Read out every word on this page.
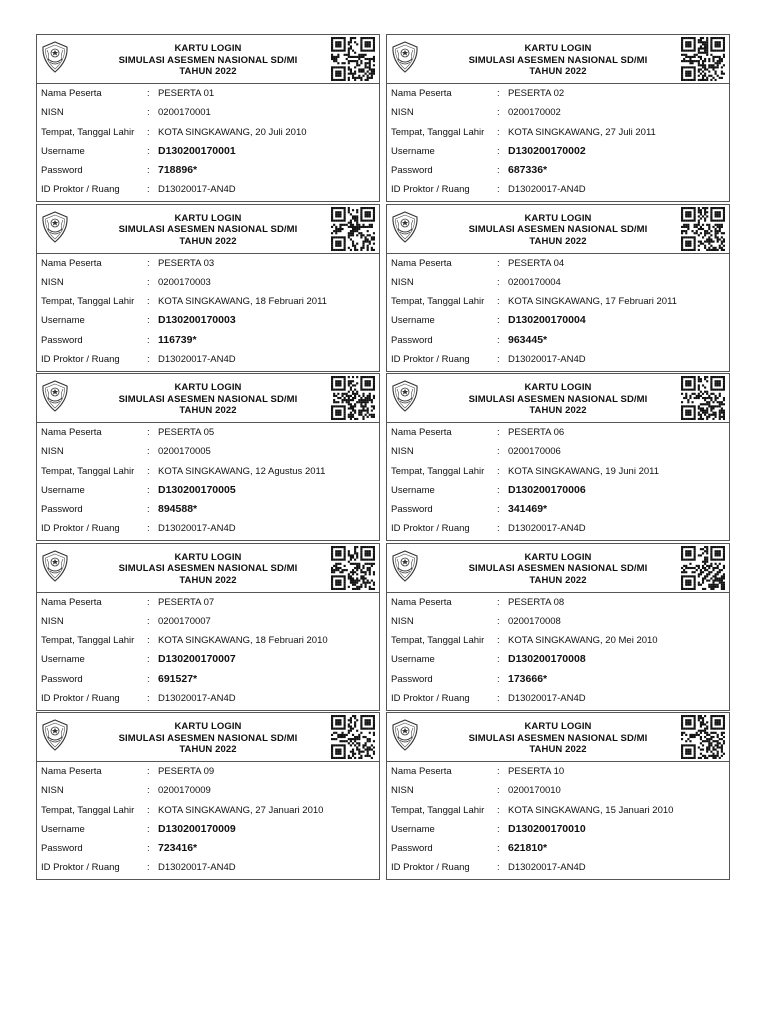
KARTU LOGIN
SIMULASI ASESMEN NASIONAL SD/MI
TAHUN 2022
Nama Peserta	: PESERTA 01
NISN	: 0200170001
Tempat, Tanggal Lahir : KOTA SINGKAWANG, 20 Juli 2010
Username	: D130200170001
Password	: 718896*
ID Proktor / Ruang	: D13020017-AN4D
KARTU LOGIN
SIMULASI ASESMEN NASIONAL SD/MI
TAHUN 2022
Nama Peserta	: PESERTA 02
NISN	: 0200170002
Tempat, Tanggal Lahir : KOTA SINGKAWANG, 27 Juli 2011
Username	: D130200170002
Password	: 687336*
ID Proktor / Ruang	: D13020017-AN4D
KARTU LOGIN
SIMULASI ASESMEN NASIONAL SD/MI
TAHUN 2022
Nama Peserta	: PESERTA 03
NISN	: 0200170003
Tempat, Tanggal Lahir : KOTA SINGKAWANG, 18 Februari 2011
Username	: D130200170003
Password	: 116739*
ID Proktor / Ruang	: D13020017-AN4D
KARTU LOGIN
SIMULASI ASESMEN NASIONAL SD/MI
TAHUN 2022
Nama Peserta	: PESERTA 04
NISN	: 0200170004
Tempat, Tanggal Lahir : KOTA SINGKAWANG, 17 Februari 2011
Username	: D130200170004
Password	: 963445*
ID Proktor / Ruang	: D13020017-AN4D
KARTU LOGIN
SIMULASI ASESMEN NASIONAL SD/MI
TAHUN 2022
Nama Peserta	: PESERTA 05
NISN	: 0200170005
Tempat, Tanggal Lahir : KOTA SINGKAWANG, 12 Agustus 2011
Username	: D130200170005
Password	: 894588*
ID Proktor / Ruang	: D13020017-AN4D
KARTU LOGIN
SIMULASI ASESMEN NASIONAL SD/MI
TAHUN 2022
Nama Peserta	: PESERTA 06
NISN	: 0200170006
Tempat, Tanggal Lahir : KOTA SINGKAWANG, 19 Juni 2011
Username	: D130200170006
Password	: 341469*
ID Proktor / Ruang	: D13020017-AN4D
KARTU LOGIN
SIMULASI ASESMEN NASIONAL SD/MI
TAHUN 2022
Nama Peserta	: PESERTA 07
NISN	: 0200170007
Tempat, Tanggal Lahir : KOTA SINGKAWANG, 18 Februari 2010
Username	: D130200170007
Password	: 691527*
ID Proktor / Ruang	: D13020017-AN4D
KARTU LOGIN
SIMULASI ASESMEN NASIONAL SD/MI
TAHUN 2022
Nama Peserta	: PESERTA 08
NISN	: 0200170008
Tempat, Tanggal Lahir : KOTA SINGKAWANG, 20 Mei 2010
Username	: D130200170008
Password	: 173666*
ID Proktor / Ruang	: D13020017-AN4D
KARTU LOGIN
SIMULASI ASESMEN NASIONAL SD/MI
TAHUN 2022
Nama Peserta	: PESERTA 09
NISN	: 0200170009
Tempat, Tanggal Lahir : KOTA SINGKAWANG, 27 Januari 2010
Username	: D130200170009
Password	: 723416*
ID Proktor / Ruang	: D13020017-AN4D
KARTU LOGIN
SIMULASI ASESMEN NASIONAL SD/MI
TAHUN 2022
Nama Peserta	: PESERTA 10
NISN	: 0200170010
Tempat, Tanggal Lahir : KOTA SINGKAWANG, 15 Januari 2010
Username	: D130200170010
Password	: 621810*
ID Proktor / Ruang	: D13020017-AN4D
